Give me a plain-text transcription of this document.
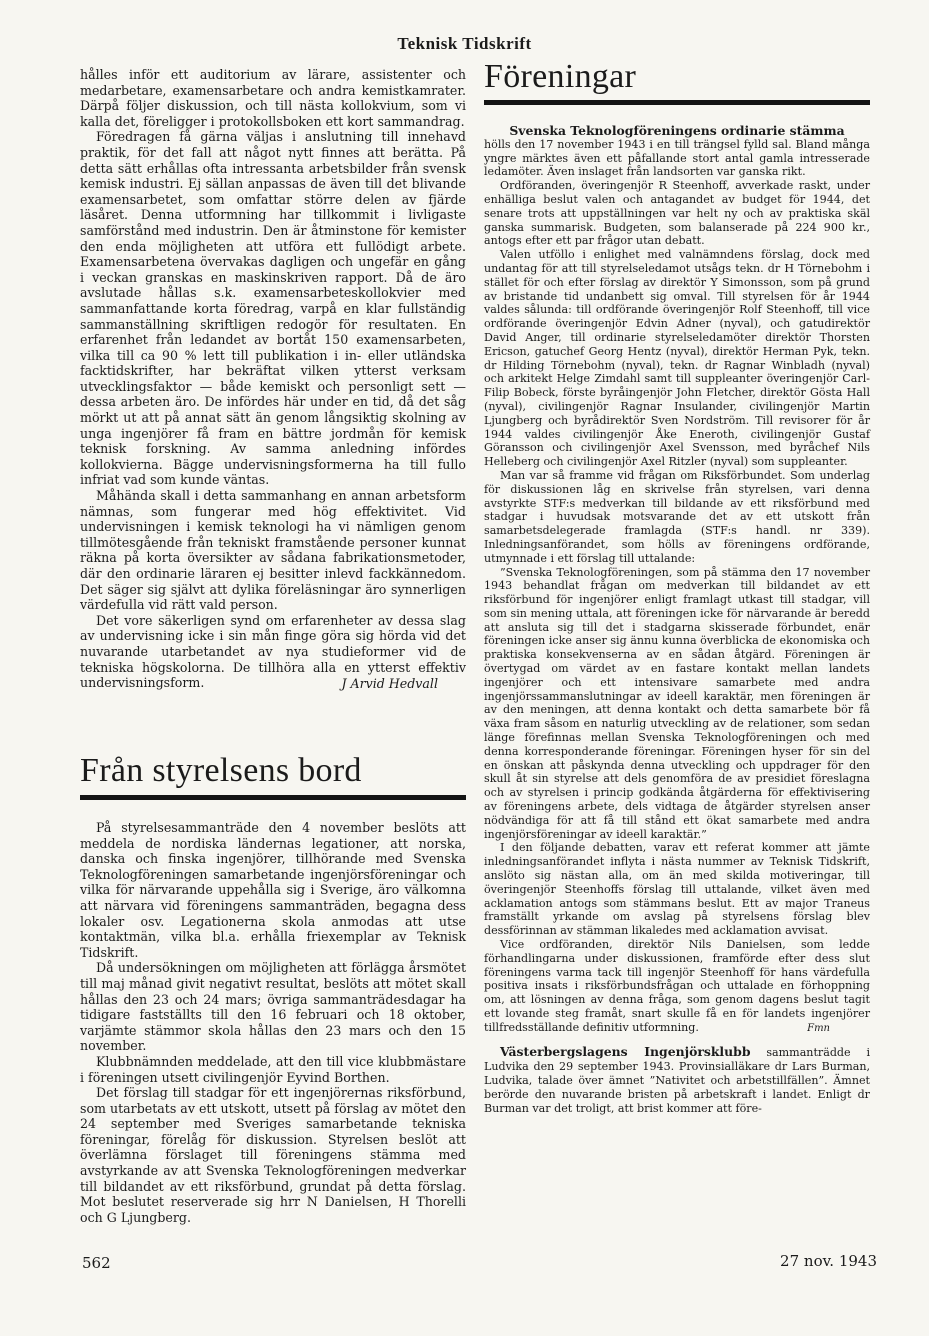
Teknisk Tidskrift

hålles inför ett auditorium av lärare, assistenter och medarbetare, examensarbetare och andra kemistkamrater. Därpå följer diskussion, och till nästa kollokvium, som vi kalla det, föreligger i protokollsboken ett kort sammandrag.

Föredragen få gärna väljas i anslutning till innehavd praktik, för det fall att något nytt finnes att berätta. På detta sätt erhållas ofta intressanta arbetsbilder från svensk kemisk industri. Ej sällan anpassas de även till det blivande examensarbetet, som omfattar större delen av fjärde läsåret. Denna utformning har tillkommit i livligaste samförstånd med industrin. Den är åtminstone för kemister den enda möjligheten att utföra ett fullödigt arbete. Examensarbetena övervakas dagligen och ungefär en gång i veckan granskas en maskinskriven rapport. Då de äro avslutade hållas s.k. examensarbeteskollokvier med sammanfattande korta föredrag, varpå en klar fullständig sammanställning skriftligen redogör för resultaten. En erfarenhet från ledandet av bortåt 150 examensarbeten, vilka till ca 90 % lett till publikation i in- eller utländska facktidskrifter, har bekräftat vilken ytterst verksam utvecklingsfaktor — både kemiskt och personligt sett — dessa arbeten äro. De infördes här under en tid, då det såg mörkt ut att på annat sätt än genom långsiktig skolning av unga ingenjörer få fram en bättre jordmån för kemisk teknisk forskning. Av samma anledning infördes kollokvierna. Bägge undervisningsformerna ha till fullo infriat vad som kunde väntas.

Måhända skall i detta sammanhang en annan arbetsform nämnas, som fungerar med hög effektivitet. Vid undervisningen i kemisk teknologi ha vi nämligen genom tillmötesgående från tekniskt framstående personer kunnat räkna på korta översikter av sådana fabrikationsmetoder, där den ordinarie läraren ej besitter inlevd fackkännedom. Det säger sig självt att dylika föreläsningar äro synnerligen värdefulla vid rätt vald person.

Det vore säkerligen synd om erfarenheter av dessa slag av undervisning icke i sin mån finge göra sig hörda vid det nuvarande utarbetandet av nya studieformer vid de tekniska högskolorna. De tillhöra alla en ytterst effektiv undervisningsform.	J Arvid Hedvall
Från styrelsens bord

På styrelsesammanträde den 4 november beslöts att meddela de nordiska ländernas legationer, att norska, danska och finska ingenjörer, tillhörande med Svenska Teknologföreningen samarbetande ingenjörsföreningar och vilka för närvarande uppehålla sig i Sverige, äro välkomna att närvara vid föreningens sammanträden, begagna dess lokaler osv. Legationerna skola anmodas att utse kontaktmän, vilka bl.a. erhålla friexemplar av Teknisk Tidskrift.

Då undersökningen om möjligheten att förlägga årsmötet till maj månad givit negativt resultat, beslöts att mötet skall hållas den 23 och 24 mars; övriga sammanträdesdagar ha tidigare fastställts till den 16 februari och 18 oktober, varjämte stämmor skola hållas den 23 mars och den 15 november.

Klubbnämnden meddelade, att den till vice klubbmästare i föreningen utsett civilingenjör Eyvind Borthen.

Det förslag till stadgar för ett ingenjörernas riksförbund, som utarbetats av ett utskott, utsett på förslag av mötet den 24 september med Sveriges samarbetande tekniska föreningar, förelåg för diskussion. Styrelsen beslöt att överlämna förslaget till föreningens stämma med avstyrkande av att Svenska Teknologföreningen medverkar till bildandet av ett riksförbund, grundat på detta förslag. Mot beslutet reserverade sig hrr N Danielsen, H Thorelli och G Ljungberg.

Föreningar
Svenska Teknologföreningens ordinarie stämma

hölls den 17 november 1943 i en till trängsel fylld sal. Bland många yngre märktes även ett påfallande stort antal gamla intresserade ledamöter. Även inslaget från landsorten var ganska rikt.

Ordföranden, överingenjör R Steenhoff, avverkade raskt, under enhälliga beslut valen och antagandet av budget för 1944, det senare trots att uppställningen var helt ny och av praktiska skäl ganska summarisk. Budgeten, som balanserade på 224 900 kr., antogs efter ett par frågor utan debatt.

Valen utföllo i enlighet med valnämndens förslag, dock med undantag för att till styrelseledamot utsågs tekn. dr H Törnebohm i stället för och efter förslag av direktör Y Simonsson, som på grund av bristande tid undanbett sig omval. Till styrelsen för år 1944 valdes sålunda: till ordförande överingenjör Rolf Steenhoff, till vice ordförande överingenjör Edvin Adner (nyval), och gatudirektör David Anger, till ordinarie styrelseledamöter direktör Thorsten Ericson, gatuchef Georg Hentz (nyval), direktör Herman Pyk, tekn. dr Hilding Törnebohm (nyval), tekn. dr Ragnar Winbladh (nyval) och arkitekt Helge Zimdahl samt till suppleanter överingenjör Carl-Filip Bobeck, förste byråingenjör John Fletcher, direktör Gösta Hall (nyval), civilingenjör Ragnar Insulander, civilingenjör Martin Ljungberg och byrådirektör Sven Nordström. Till revisorer för år 1944 valdes civilingenjör Åke Eneroth, civilingenjör Gustaf Göransson och civilingenjör Axel Svensson, med byråchef Nils Helleberg och civilingenjör Axel Ritzler (nyval) som suppleanter.

Man var så framme vid frågan om Riksförbundet. Som underlag för diskussionen låg en skrivelse från styrelsen, vari denna avstyrkte STF:s medverkan till bildande av ett riksförbund med stadgar i huvudsak motsvarande det av ett utskott från samarbetsdelegerade framlagda (STF:s handl. nr 339). Inledningsanförandet, som hölls av föreningens ordförande, utmynnade i ett förslag till uttalande:

”Svenska Teknologföreningen, som på stämma den 17 november 1943 behandlat frågan om medverkan till bildandet av ett riksförbund för ingenjörer enligt framlagt utkast till stadgar, vill som sin mening uttala, att föreningen icke för närvarande är beredd att ansluta sig till det i stadgarna skisserade förbundet, enär föreningen icke anser sig ännu kunna överblicka de ekonomiska och praktiska konsekvenserna av en sådan åtgärd. Föreningen är övertygad om värdet av en fastare kontakt mellan landets ingenjörer och ett intensivare samarbete med andra ingenjörssammanslutningar av ideell karaktär, men föreningen är av den meningen, att denna kontakt och detta samarbete bör få växa fram såsom en naturlig utveckling av de relationer, som sedan länge förefinnas mellan Svenska Teknologföreningen och med denna korresponderande föreningar. Föreningen hyser för sin del en önskan att påskynda denna utveckling och uppdrager för den skull åt sin styrelse att dels genomföra de av presidiet föreslagna och av styrelsen i princip godkända åtgärderna för effektivisering av föreningens arbete, dels vidtaga de åtgärder styrelsen anser nödvändiga för att få till stånd ett ökat samarbete med andra ingenjörsföreningar av ideell karaktär.”

I den följande debatten, varav ett referat kommer att jämte inledningsanförandet inflyta i nästa nummer av Teknisk Tidskrift, anslöto sig nästan alla, om än med skilda motiveringar, till överingenjör Steenhoffs förslag till uttalande, vilket även med acklamation antogs som stämmans beslut. Ett av major Traneus framställt yrkande om avslag på styrelsens förslag blev dessförinnan av stämman likaledes med acklamation avvisat.

Vice ordföranden, direktör Nils Danielsen, som ledde förhandlingarna under diskussionen, framförde efter dess slut föreningens varma tack till ingenjör Steenhoff för hans värdefulla positiva insats i riksförbundsfrågan och uttalade en förhoppning om, att lösningen av denna fråga, som genom dagens beslut tagit ett lovande steg framåt, snart skulle få en för landets ingenjörer tillfredsställande definitiv utformning.	Fmn

Västerbergslagens Ingenjörsklubb sammanträdde i Ludvika den 29 september 1943. Provinsialläkare dr Lars Burman, Ludvika, talade över ämnet ”Nativitet och arbetstillfällen”. Ämnet berörde den nuvarande bristen på arbetskraft i landet. Enligt dr Burman var det troligt, att brist kommer att före-

562	27 nov. 1943
